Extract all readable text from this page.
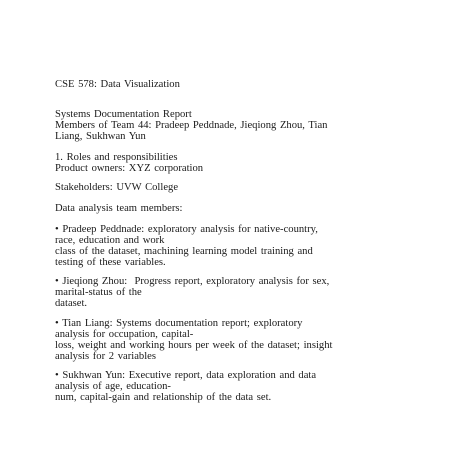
CSE 578: Data Visualization
Systems Documentation Report
Members of Team 44: Pradeep Peddnade, Jieqiong Zhou, Tian
Liang, Sukhwan Yun
1. Roles and responsibilities
Product owners: XYZ corporation
Stakeholders: UVW College
Data analysis team members:
• Pradeep Peddnade: exploratory analysis for native-country,
race, education and work
class of the dataset, machining learning model training and
testing of these variables.
• Jieqiong Zhou:  Progress report, exploratory analysis for sex,
marital-status of the
dataset.
• Tian Liang: Systems documentation report; exploratory
analysis for occupation, capital-
loss, weight and working hours per week of the dataset; insight
analysis for 2 variables
• Sukhwan Yun: Executive report, data exploration and data
analysis of age, education-
num, capital-gain and relationship of the data set.
